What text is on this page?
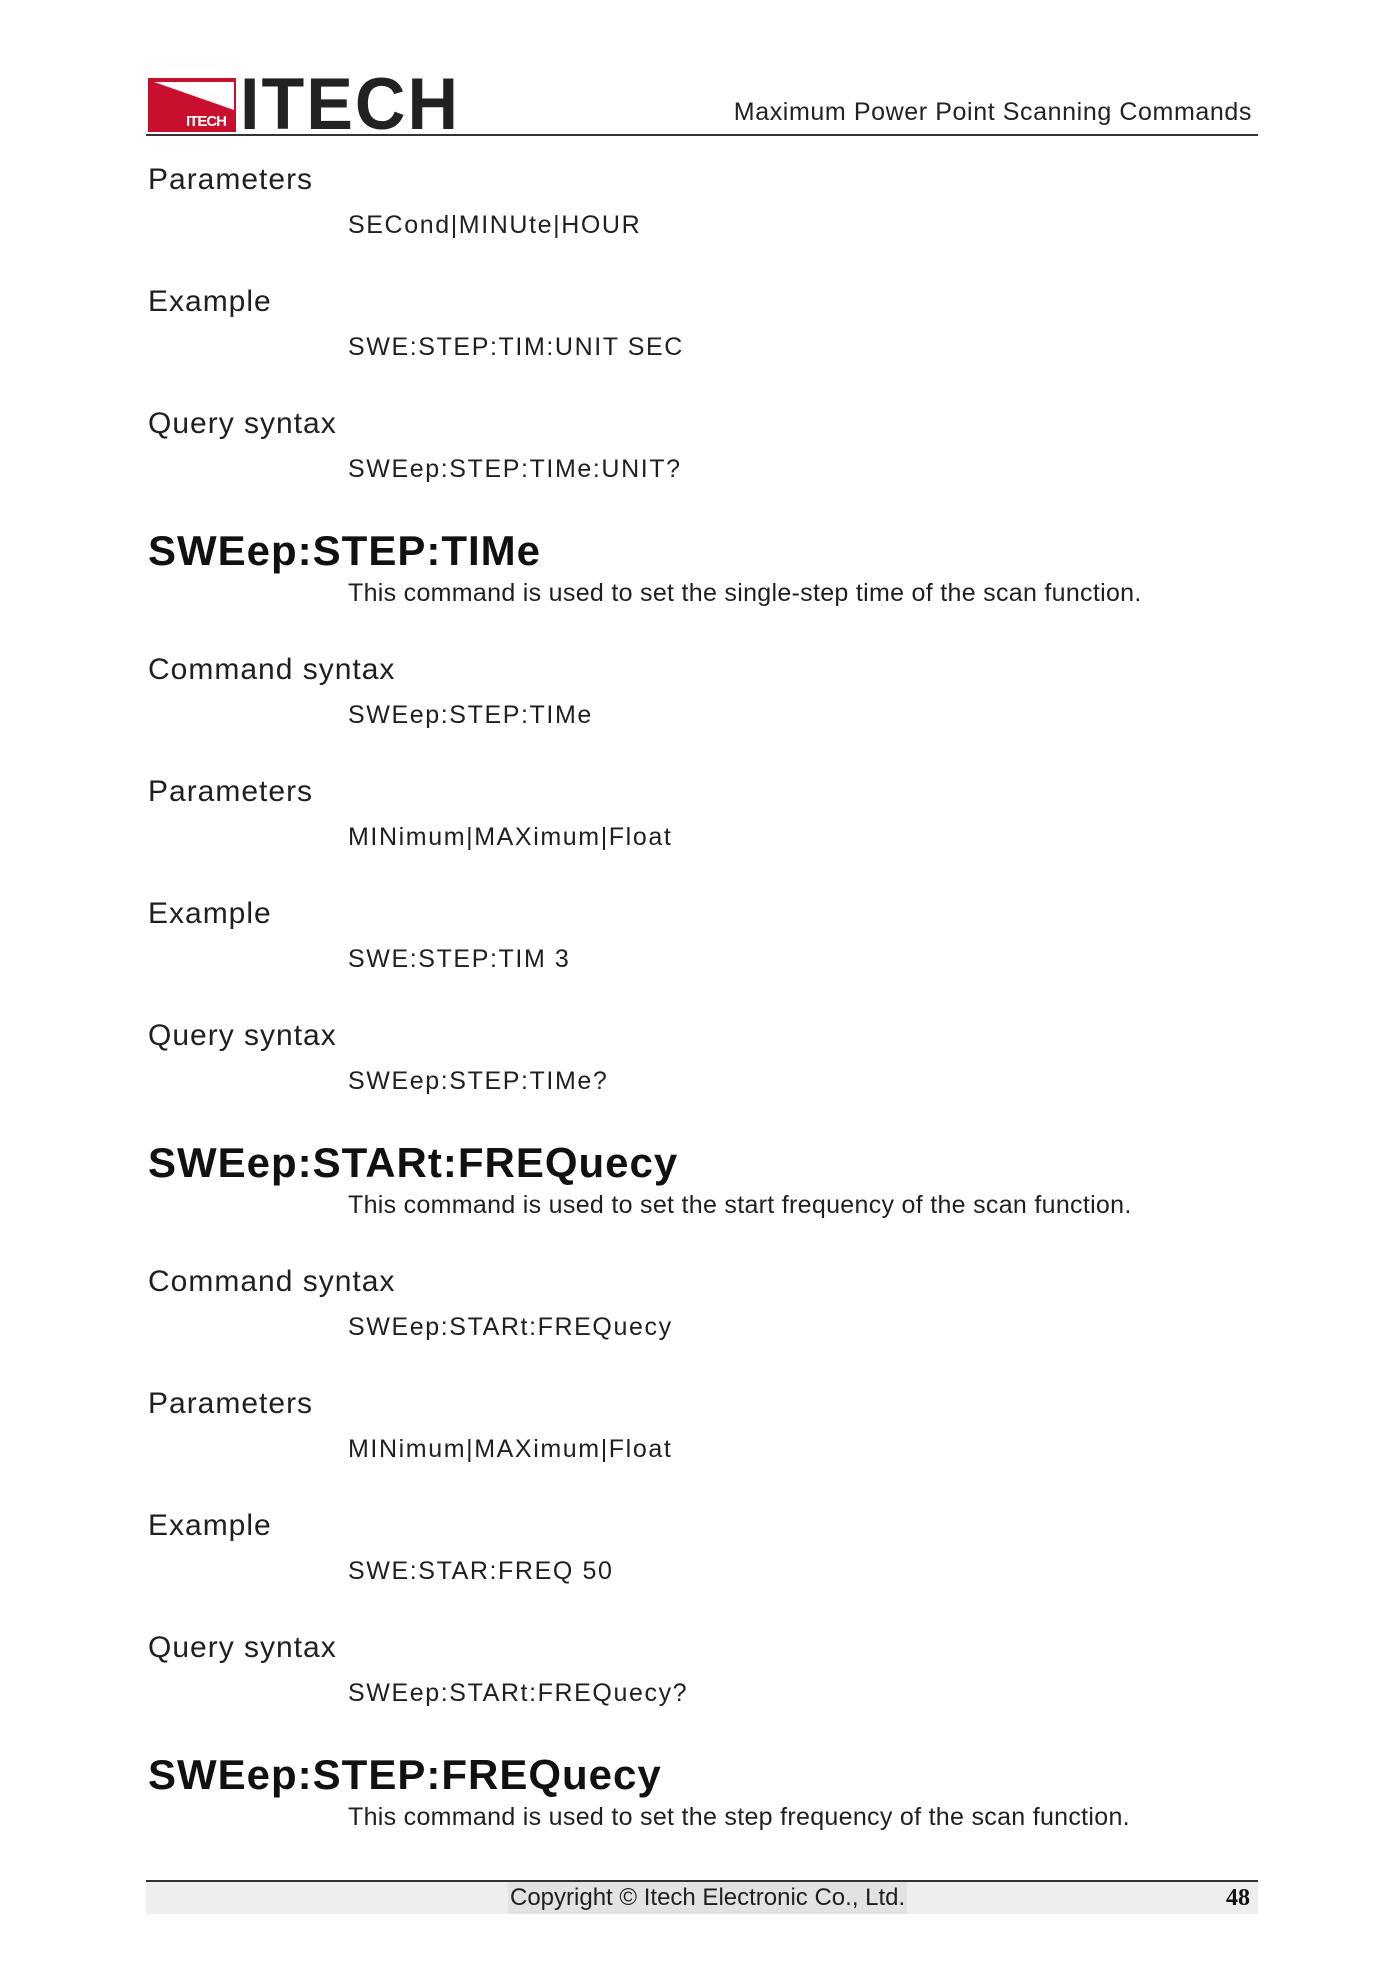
ITECH ITECH	Maximum Power Point Scanning Commands

Parameters

SECond|MINUte|HOUR

Example

SWE:STEP:TIM:UNIT SEC

Query syntax

SWEep:STEP:TIMe:UNIT?

SWEep:STEP:TIMe

This command is used to set the single-step time of the scan function.

Command syntax

SWEep:STEP:TIMe

Parameters

MINimum|MAXimum|Float

Example

SWE:STEP:TIM 3

Query syntax

SWEep:STEP:TIMe?

SWEep:STARt:FREQuecy

This command is used to set the start frequency of the scan function.

Command syntax

SWEep:STARt:FREQuecy

Parameters

MINimum|MAXimum|Float

Example

SWE:STAR:FREQ 50

Query syntax

SWEep:STARt:FREQuecy?

SWEep:STEP:FREQuecy

This command is used to set the step frequency of the scan function.

Copyright © Itech Electronic Co., Ltd.	48
